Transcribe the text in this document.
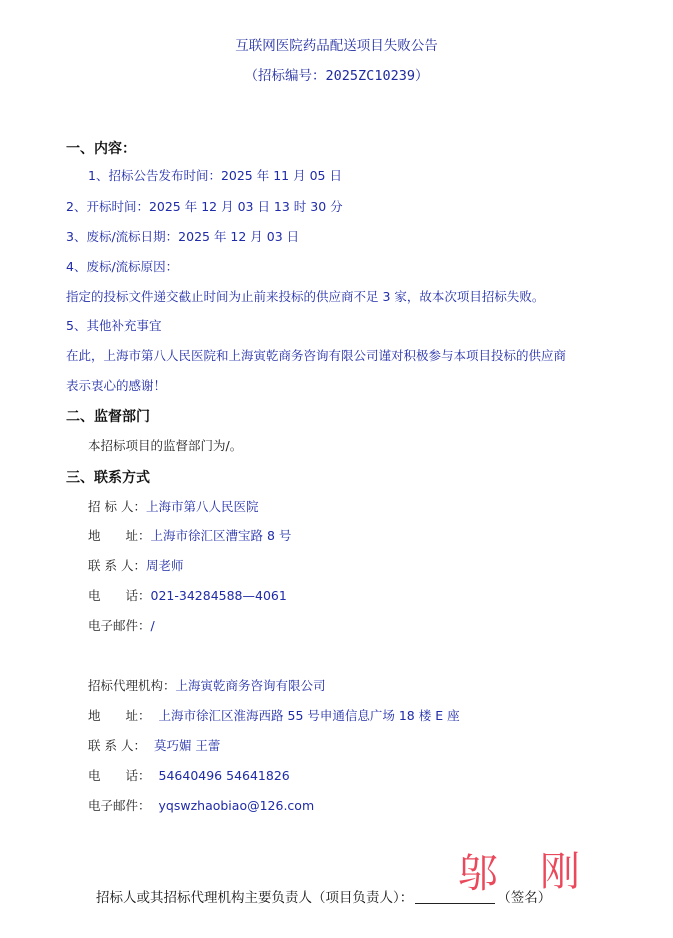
互联网医院药品配送项目失败公告
（招标编号：2025ZC10239）
一、内容：
1、招标公告发布时间：2025 年 11 月 05 日
2、开标时间：2025 年 12 月 03 日 13 时 30 分
3、废标/流标日期：2025 年 12 月 03 日
4、废标/流标原因：
指定的投标文件递交截止时间为止前来投标的供应商不足 3 家，故本次项目招标失败。
5、其他补充事宜
在此，上海市第八人民医院和上海寅乾商务咨询有限公司谨对积极参与本项目投标的供应商
表示衷心的感谢！
二、监督部门
本招标项目的监督部门为/。
三、联系方式
招 标 人：上海市第八人民医院
地　　址：上海市徐汇区漕宝路 8 号
联 系 人：周老师
电　　话：021-34284588—4061
电子邮件：/
招标代理机构：上海寅乾商务咨询有限公司
地　　址： 上海市徐汇区淮海西路 55 号申通信息广场 18 楼 E 座
联 系 人： 莫巧媚 王蕾
电　　话： 54640496 54641826
电子邮件： yqswzhaobiao@126.com
邬 刚
招标人或其招标代理机构主要负责人（项目负责人）：	（签名）
